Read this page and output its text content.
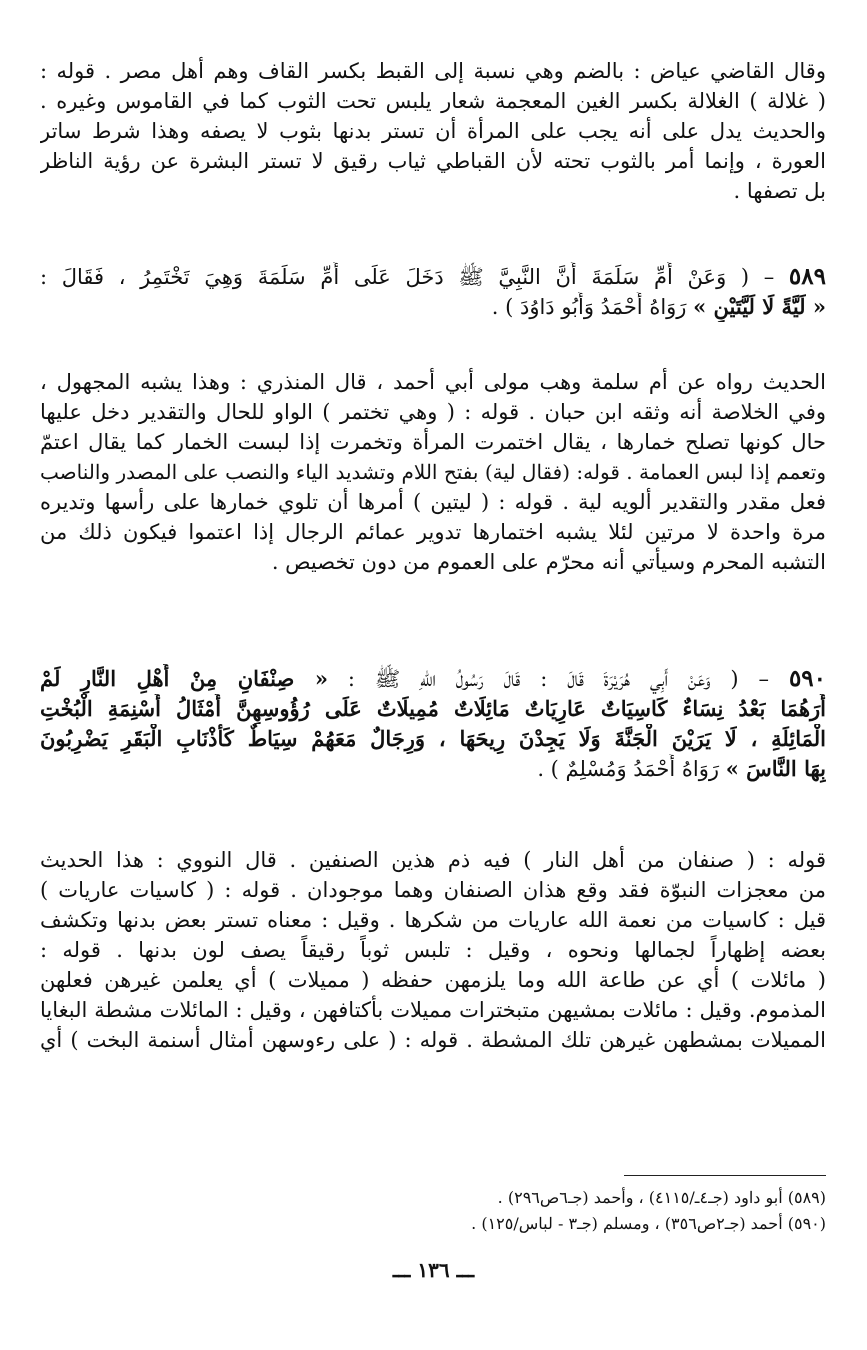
وقال القاضي عياض : بالضم وهي نسبة إلى القبط بكسر القاف وهم أهل مصر . قوله :
( غلالة ) الغلالة بكسر الغين المعجمة شعار يلبس تحت الثوب كما في القاموس وغيره .
والحديث يدل على أنه يجب على المرأة أن تستر بدنها بثوب لا يصفه وهذا شرط ساتر
العورة ، وإنما أمر بالثوب تحته لأن القباطي ثياب رقيق لا تستر البشرة عن رؤية الناظر
بل تصفها .
٥٨٩ – ( وَعَنْ أُمِّ سَلَمَةَ أَنَّ النَّبِيَّ ﷺ دَخَلَ عَلَى أُمِّ سَلَمَةَ وَهِيَ تَخْتَمِرُ ، فَقَالَ :
« لَيَّةً لَا لَيَّتَيْنِ » رَوَاهُ أَحْمَدُ وَأَبُو دَاوُدَ ) .
الحديث رواه عن أم سلمة وهب مولى أبي أحمد ، قال المنذري : وهذا يشبه المجهول ،
وفي الخلاصة أنه وثقه ابن حبان . قوله : ( وهي تختمر ) الواو للحال والتقدير دخل عليها
حال كونها تصلح خمارها ، يقال اختمرت المرأة وتخمرت إذا لبست الخمار كما يقال اعتمّ
وتعمم إذا لبس العمامة . قوله: (فقال لية) بفتح اللام وتشديد الياء والنصب على المصدر والناصب
فعل مقدر والتقدير ألويه لية . قوله : ( ليتين ) أمرها أن تلوي خمارها على رأسها وتديره
مرة واحدة لا مرتين لئلا يشبه اختمارها تدوير عمائم الرجال إذا اعتموا فيكون ذلك من
التشبه المحرم وسيأتي أنه محرّم على العموم من دون تخصيص .
٥٩٠ – ( وَعَنْ أَبِي هُرَيْرَةَ قَالَ : قَالَ رَسُولُ اللهِ ﷺ : « صِنْفَانِ مِنْ أَهْلِ النَّارِ لَمْ
أَرَهُمَا بَعْدُ نِسَاءٌ كَاسِيَاتٌ عَارِيَاتٌ مَائِلَاتٌ مُمِيلَاتٌ عَلَى رُؤُوسِهِنَّ أَمْثَالُ أَسْنِمَةِ الْبُخْتِ
الْمَائِلَةِ ، لَا يَرَيْنَ الْجَنَّةَ وَلَا يَجِدْنَ رِيحَهَا ، وَرِجَالٌ مَعَهُمْ سِيَاطٌ كَأَذْنَابِ الْبَقَرِ يَضْرِبُونَ
بِهَا النَّاسَ » رَوَاهُ أَحْمَدُ وَمُسْلِمٌ ) .
قوله : ( صنفان من أهل النار ) فيه ذم هذين الصنفين . قال النووي : هذا الحديث
من معجزات النبوّة فقد وقع هذان الصنفان وهما موجودان . قوله : ( كاسيات عاريات )
قيل : كاسيات من نعمة الله عاريات من شكرها . وقيل : معناه تستر بعض بدنها وتكشف
بعضه إظهاراً لجمالها ونحوه ، وقيل : تلبس ثوباً رقيقاً يصف لون بدنها . قوله :
( مائلات ) أي عن طاعة الله وما يلزمهن حفظه ( مميلات ) أي يعلمن غيرهن فعلهن
المذموم. وقيل : مائلات بمشيهن متبخترات مميلات بأكتافهن ، وقيل : المائلات مشطة البغايا
المميلات بمشطهن غيرهن تلك المشطة . قوله : ( على رءوسهن أمثال أسنمة البخت ) أي
(٥٨٩) أبو داود (جـ٤ـ/٤١١٥) ، وأحمد (جـ٦ص٢٩٦) .
(٥٩٠) أحمد (جـ٢ص٣٥٦) ، ومسلم (جـ٣ - لباس/١٢٥) .
ـــ ١٣٦ ـــ
